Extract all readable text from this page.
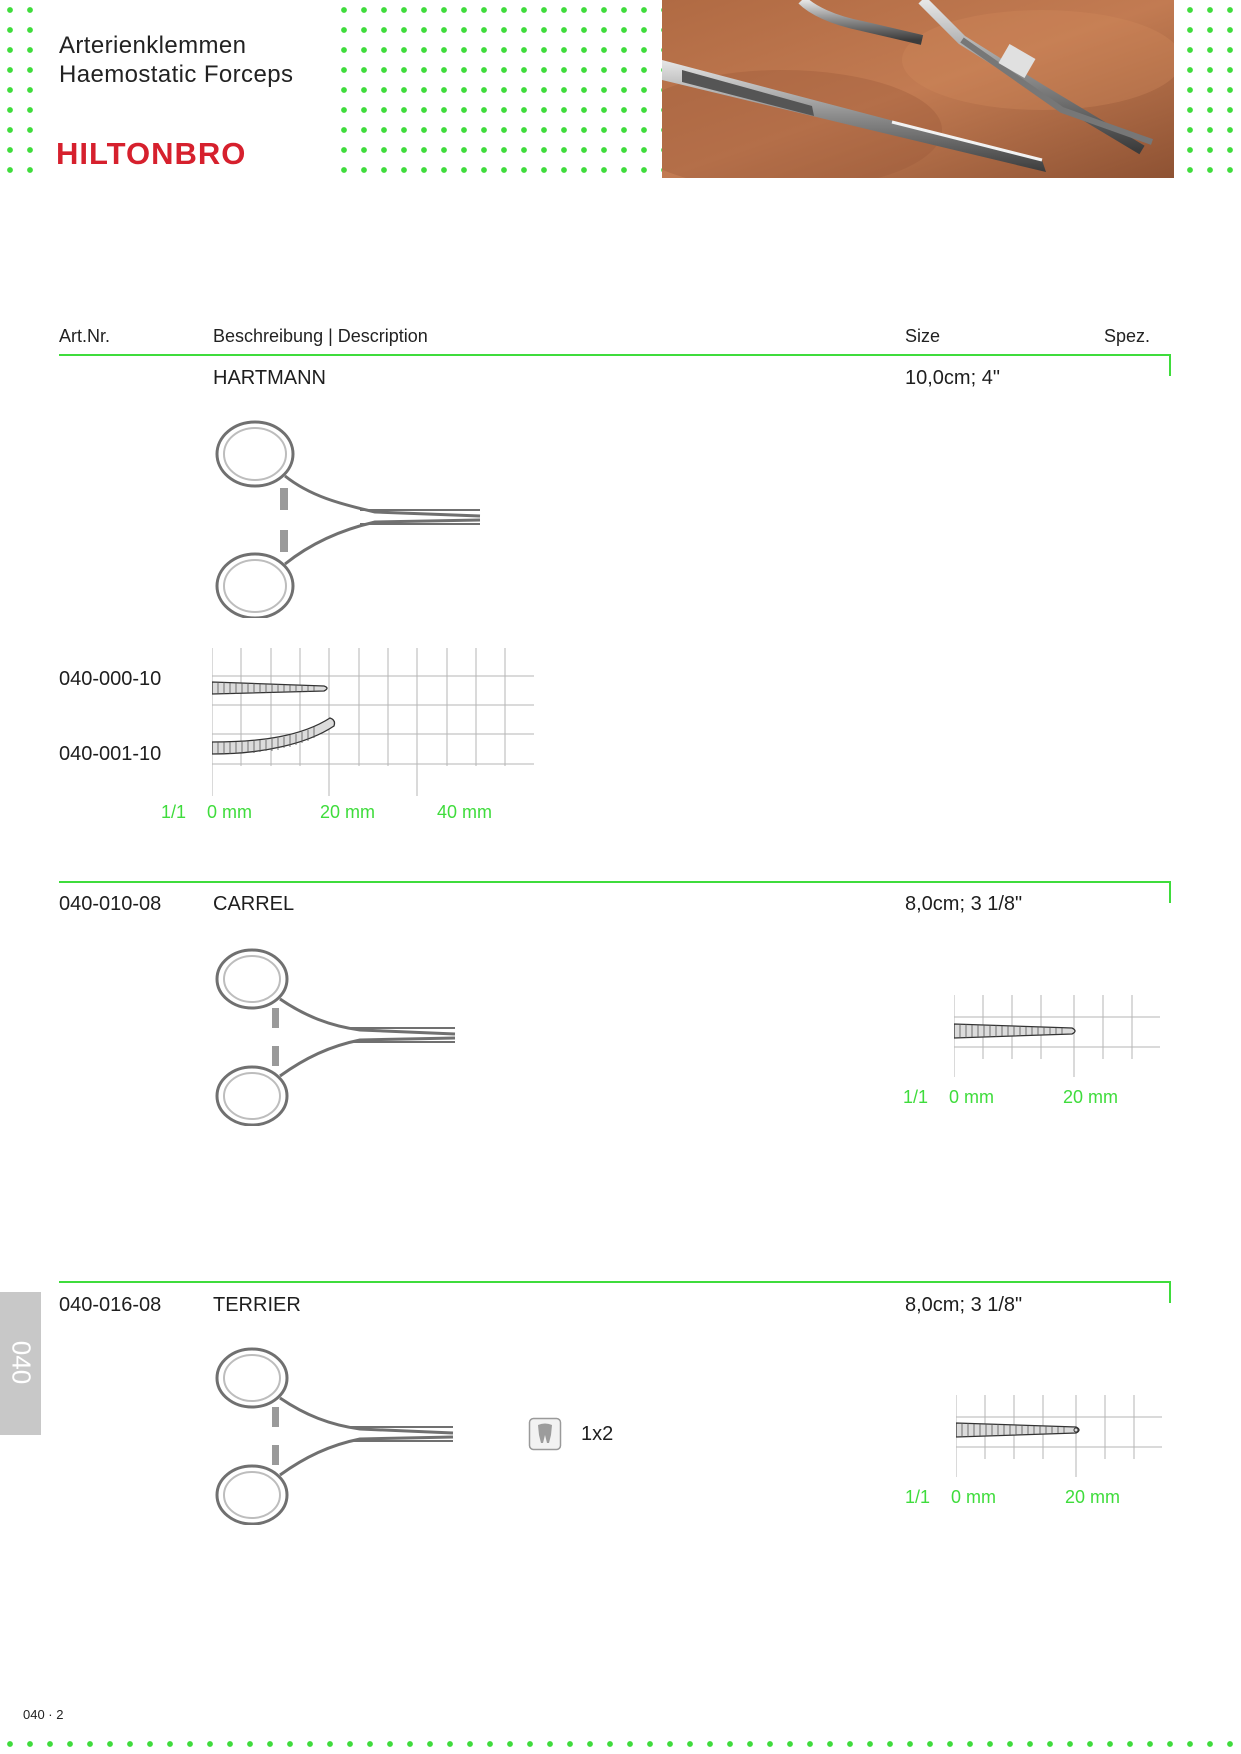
Arterienklemmen
Haemostatic Forceps
HILTONBRO
Art.Nr.	Beschreibung | Description	Size	Spez.
HARTMANN	10,0cm; 4"
040-000-10
040-001-10
1/1 0 mm	20 mm	40 mm
040-010-08	CARREL	8,0cm; 3 1/8"
1/1 0 mm	20 mm
040-016-08	TERRIER	8,0cm; 3 1/8"
1x2
1/1 0 mm	20 mm
040
040 · 2
